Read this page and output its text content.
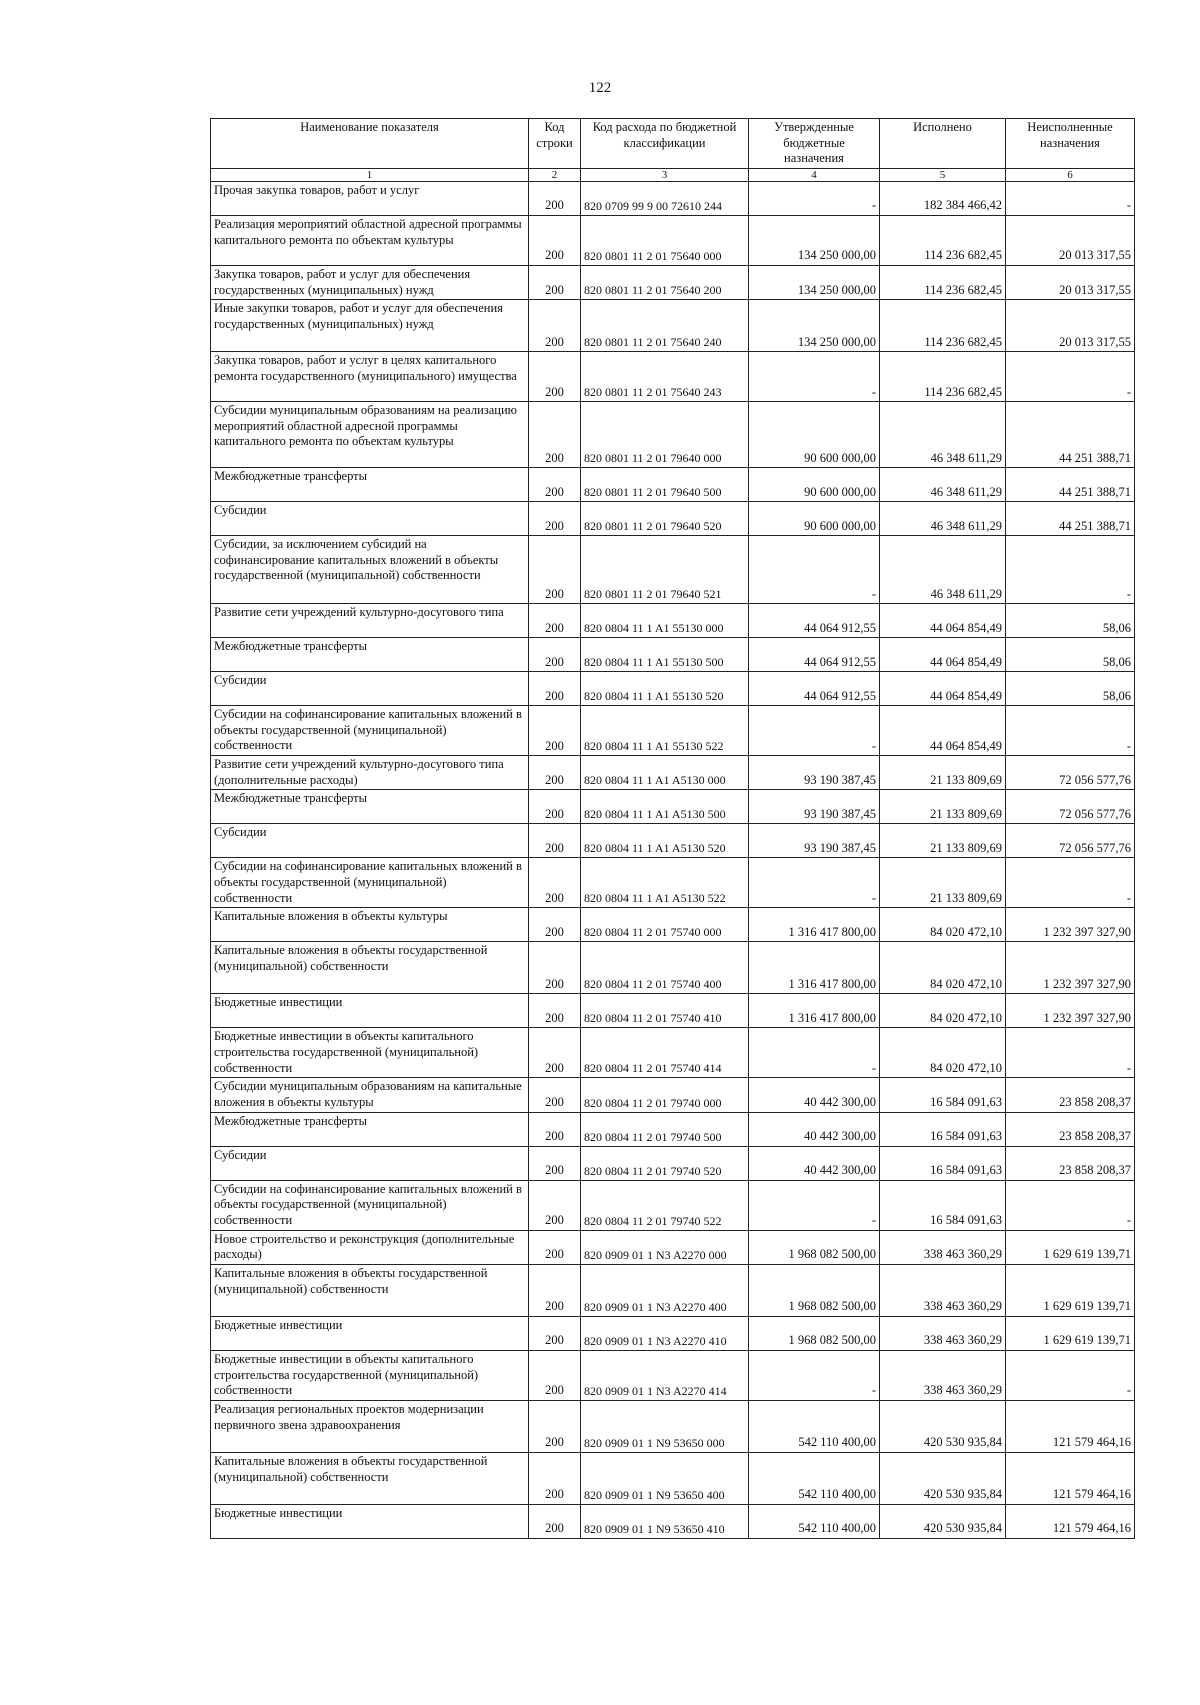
122
Наименование показателя	Код строки	Код расхода по бюджетной классификации	Утвержденные бюджетные назначения	Исполнено	Неисполненные назначения
1	2	3	4	5	6
Прочая закупка товаров, работ и услуг	200	820 0709 99 9 00 72610 244	-	182 384 466,42	-
Реализация мероприятий областной адресной программы капитального ремонта по объектам культуры	200	820 0801 11 2 01 75640 000	134 250 000,00	114 236 682,45	20 013 317,55
Закупка товаров, работ и услуг для обеспечения государственных (муниципальных) нужд	200	820 0801 11 2 01 75640 200	134 250 000,00	114 236 682,45	20 013 317,55
Иные закупки товаров, работ и услуг для обеспечения государственных (муниципальных) нужд	200	820 0801 11 2 01 75640 240	134 250 000,00	114 236 682,45	20 013 317,55
Закупка товаров, работ и услуг в целях капитального ремонта государственного (муниципального) имущества	200	820 0801 11 2 01 75640 243	-	114 236 682,45	-
Субсидии муниципальным образованиям на реализацию мероприятий областной адресной программы капитального ремонта по объектам культуры	200	820 0801 11 2 01 79640 000	90 600 000,00	46 348 611,29	44 251 388,71
Межбюджетные трансферты	200	820 0801 11 2 01 79640 500	90 600 000,00	46 348 611,29	44 251 388,71
Субсидии	200	820 0801 11 2 01 79640 520	90 600 000,00	46 348 611,29	44 251 388,71
Субсидии, за исключением субсидий на софинансирование капитальных вложений в объекты государственной (муниципальной) собственности	200	820 0801 11 2 01 79640 521	-	46 348 611,29	-
Развитие сети учреждений культурно-досугового типа	200	820 0804 11 1 A1 55130 000	44 064 912,55	44 064 854,49	58,06
Межбюджетные трансферты	200	820 0804 11 1 A1 55130 500	44 064 912,55	44 064 854,49	58,06
Субсидии	200	820 0804 11 1 A1 55130 520	44 064 912,55	44 064 854,49	58,06
Субсидии на софинансирование капитальных вложений в объекты государственной (муниципальной) собственности	200	820 0804 11 1 A1 55130 522	-	44 064 854,49	-
Развитие сети учреждений культурно-досугового типа (дополнительные расходы)	200	820 0804 11 1 A1 A5130 000	93 190 387,45	21 133 809,69	72 056 577,76
Межбюджетные трансферты	200	820 0804 11 1 A1 A5130 500	93 190 387,45	21 133 809,69	72 056 577,76
Субсидии	200	820 0804 11 1 A1 A5130 520	93 190 387,45	21 133 809,69	72 056 577,76
Субсидии на софинансирование капитальных вложений в объекты государственной (муниципальной) собственности	200	820 0804 11 1 A1 A5130 522	-	21 133 809,69	-
Капитальные вложения в объекты культуры	200	820 0804 11 2 01 75740 000	1 316 417 800,00	84 020 472,10	1 232 397 327,90
Капитальные вложения в объекты государственной (муниципальной) собственности	200	820 0804 11 2 01 75740 400	1 316 417 800,00	84 020 472,10	1 232 397 327,90
Бюджетные инвестиции	200	820 0804 11 2 01 75740 410	1 316 417 800,00	84 020 472,10	1 232 397 327,90
Бюджетные инвестиции в объекты капитального строительства государственной (муниципальной) собственности	200	820 0804 11 2 01 75740 414	-	84 020 472,10	-
Субсидии муниципальным образованиям на капитальные вложения в объекты культуры	200	820 0804 11 2 01 79740 000	40 442 300,00	16 584 091,63	23 858 208,37
Межбюджетные трансферты	200	820 0804 11 2 01 79740 500	40 442 300,00	16 584 091,63	23 858 208,37
Субсидии	200	820 0804 11 2 01 79740 520	40 442 300,00	16 584 091,63	23 858 208,37
Субсидии на софинансирование капитальных вложений в объекты государственной (муниципальной) собственности	200	820 0804 11 2 01 79740 522	-	16 584 091,63	-
Новое строительство и реконструкция (дополнительные расходы)	200	820 0909 01 1 N3 A2270 000	1 968 082 500,00	338 463 360,29	1 629 619 139,71
Капитальные вложения в объекты государственной (муниципальной) собственности	200	820 0909 01 1 N3 A2270 400	1 968 082 500,00	338 463 360,29	1 629 619 139,71
Бюджетные инвестиции	200	820 0909 01 1 N3 A2270 410	1 968 082 500,00	338 463 360,29	1 629 619 139,71
Бюджетные инвестиции в объекты капитального строительства государственной (муниципальной) собственности	200	820 0909 01 1 N3 A2270 414	-	338 463 360,29	-
Реализация региональных проектов модернизации первичного звена здравоохранения	200	820 0909 01 1 N9 53650 000	542 110 400,00	420 530 935,84	121 579 464,16
Капитальные вложения в объекты государственной (муниципальной) собственности	200	820 0909 01 1 N9 53650 400	542 110 400,00	420 530 935,84	121 579 464,16
Бюджетные инвестиции	200	820 0909 01 1 N9 53650 410	542 110 400,00	420 530 935,84	121 579 464,16
